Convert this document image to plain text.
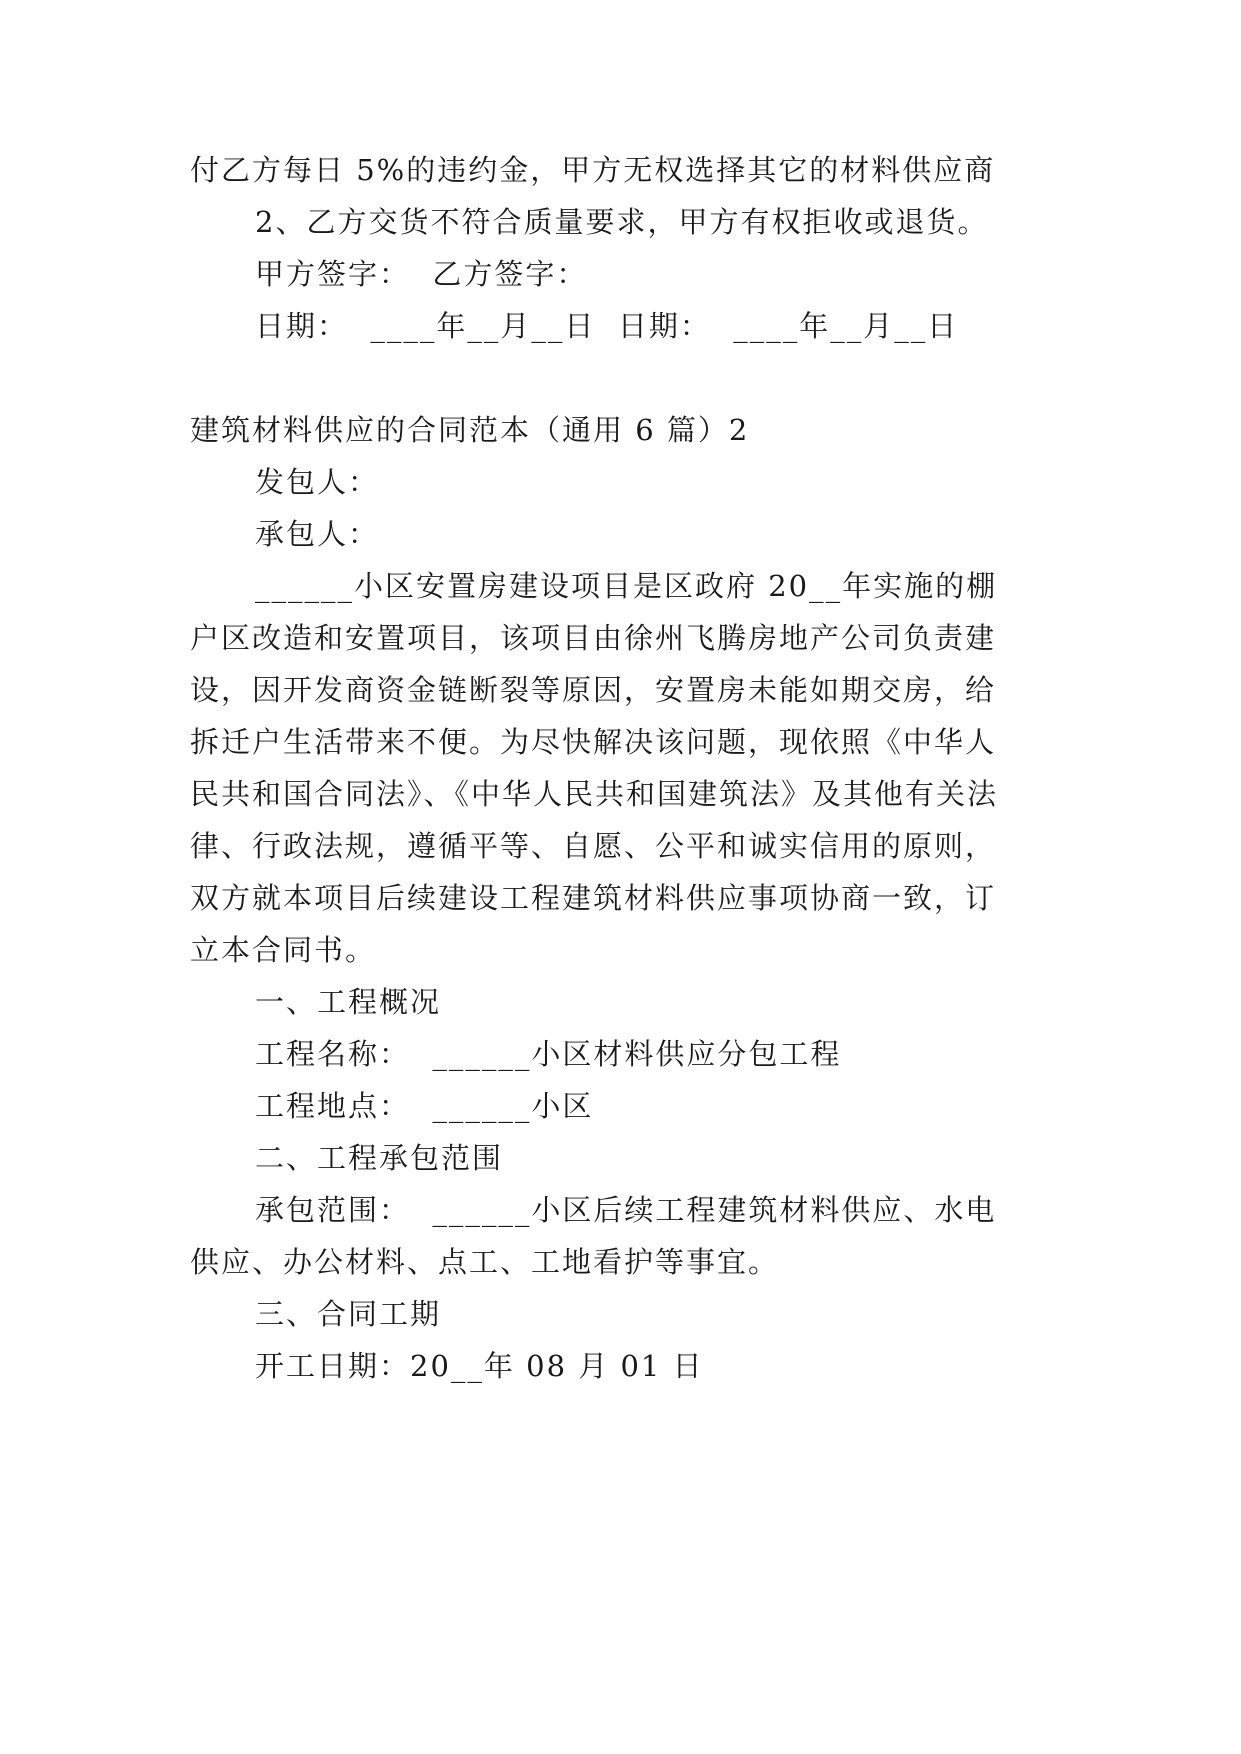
付乙方每日 5%的违约金，甲方无权选择其它的材料供应商
2、乙方交货不符合质量要求，甲方有权拒收或退货。
甲方签字：  乙方签字：
日期：  ____年__月__日  日期：  ____年__月__日
建筑材料供应的合同范本（通用 6 篇）2
发包人：
承包人：
______小区安置房建设项目是区政府 20__年实施的棚
户区改造和安置项目，该项目由徐州飞腾房地产公司负责建
设，因开发商资金链断裂等原因，安置房未能如期交房，给
拆迁户生活带来不便。为尽快解决该问题，现依照《中华人
民共和国合同法》、《中华人民共和国建筑法》及其他有关法
律、行政法规，遵循平等、自愿、公平和诚实信用的原则，
双方就本项目后续建设工程建筑材料供应事项协商一致，订
立本合同书。
一、工程概况
工程名称：  ______小区材料供应分包工程
工程地点：  ______小区
二、工程承包范围
承包范围：  ______小区后续工程建筑材料供应、水电
供应、办公材料、点工、工地看护等事宜。
三、合同工期
开工日期：20__年 08 月 01 日
